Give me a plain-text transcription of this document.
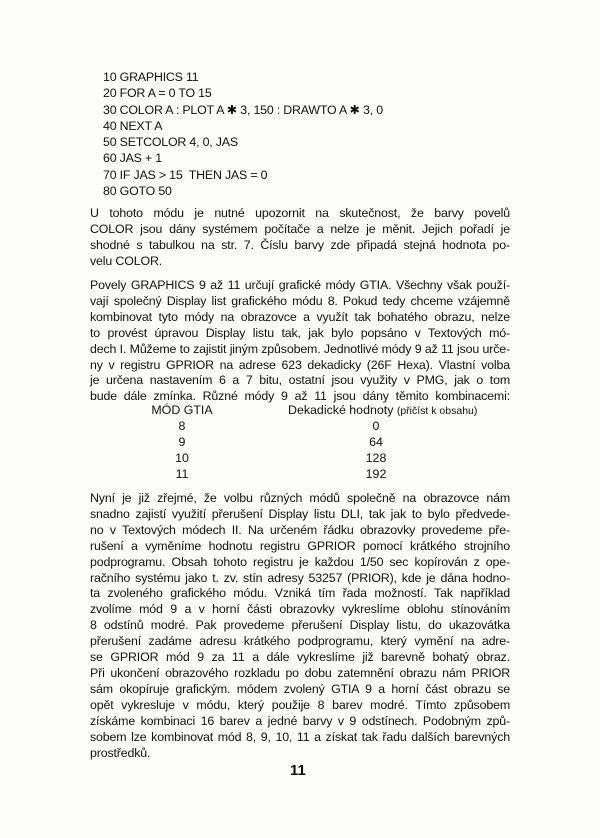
10 GRAPHICS 11
20 FOR A = 0 TO 15
30 COLOR A : PLOT A ✱ 3, 150 : DRAWTO A ✱ 3, 0
40 NEXT A
50 SETCOLOR 4, 0, JAS
60 JAS + 1
70 IF JAS > 15  THEN JAS = 0
80 GOTO 50
U tohoto módu je nutné upozornit na skutečnost, že barvy povelů
COLOR jsou dány systémem počítače a nelze je měnit. Jejich pořadí je
shodné s tabulkou na str. 7. Číslu barvy zde připadá stejná hodnota po-
velu COLOR.
Povely GRAPHICS 9 až 11 určují grafické módy GTIA. Všechny však použí-
vají společný Display list grafického módu 8. Pokud tedy chceme vzájemně
kombinovat tyto módy na obrazovce a využít tak bohatého obrazu, nelze
to provést úpravou Display listu tak, jak bylo popsáno v Textových mó-
dech I. Můžeme to zajistit jiným způsobem. Jednotlivé módy 9 až 11 jsou urče-
ny v registru GPRIOR na adrese 623 dekadicky (26F Hexa). Vlastní volba
je určena nastavením 6 a 7 bitu, ostatní jsou využity v PMG, jak o tom
bude dále zmínka. Různé módy 9 až 11 jsou dány těmito kombinacemi:
MÓD GTIA	Dekadické hodnoty (přičíst k obsahu)
8	0
9	64
10	128
11	192
Nyní je již zřejmé, že volbu různých módů společně na obrazovce nám
snadno zajistí využití přerušení Display listu DLI, tak jak to bylo předvede-
no v Textových módech II. Na určeném řádku obrazovky provedeme pře-
rušení a vyměníme hodnotu registru GPRIOR pomocí krátkého strojního
podprogramu. Obsah tohoto registru je každou 1/50 sec kopírován z ope-
račního systému jako t. zv. stín adresy 53257 (PRIOR), kde je dána hodno-
ta zvoleného grafického módu. Vzniká tím řada možností. Tak například
zvolíme mód 9 a v horní části obrazovky vykreslíme oblohu stínováním
8 odstínů modré. Pak provedeme přerušení Display listu, do ukazovátka
přerušení zadáme adresu krátkého podprogramu, který vymění na adre-
se GPRIOR mód 9 za 11 a dále vykreslíme již barevně bohatý obraz.
Při ukončení obrazového rozkladu po dobu zatemnění obrazu nám PRIOR
sám okopíruje grafickým. módem zvolený GTIA 9 a horní část obrazu se
opět vykresluje v módu, který použije 8 barev modré. Tímto způsobem
získáme kombinaci 16 barev a jedné barvy v 9 odstínech. Podobným způ-
sobem lze kombinovat mód 8, 9, 10, 11 a získat tak řadu dalších barevných
prostředků.
11
